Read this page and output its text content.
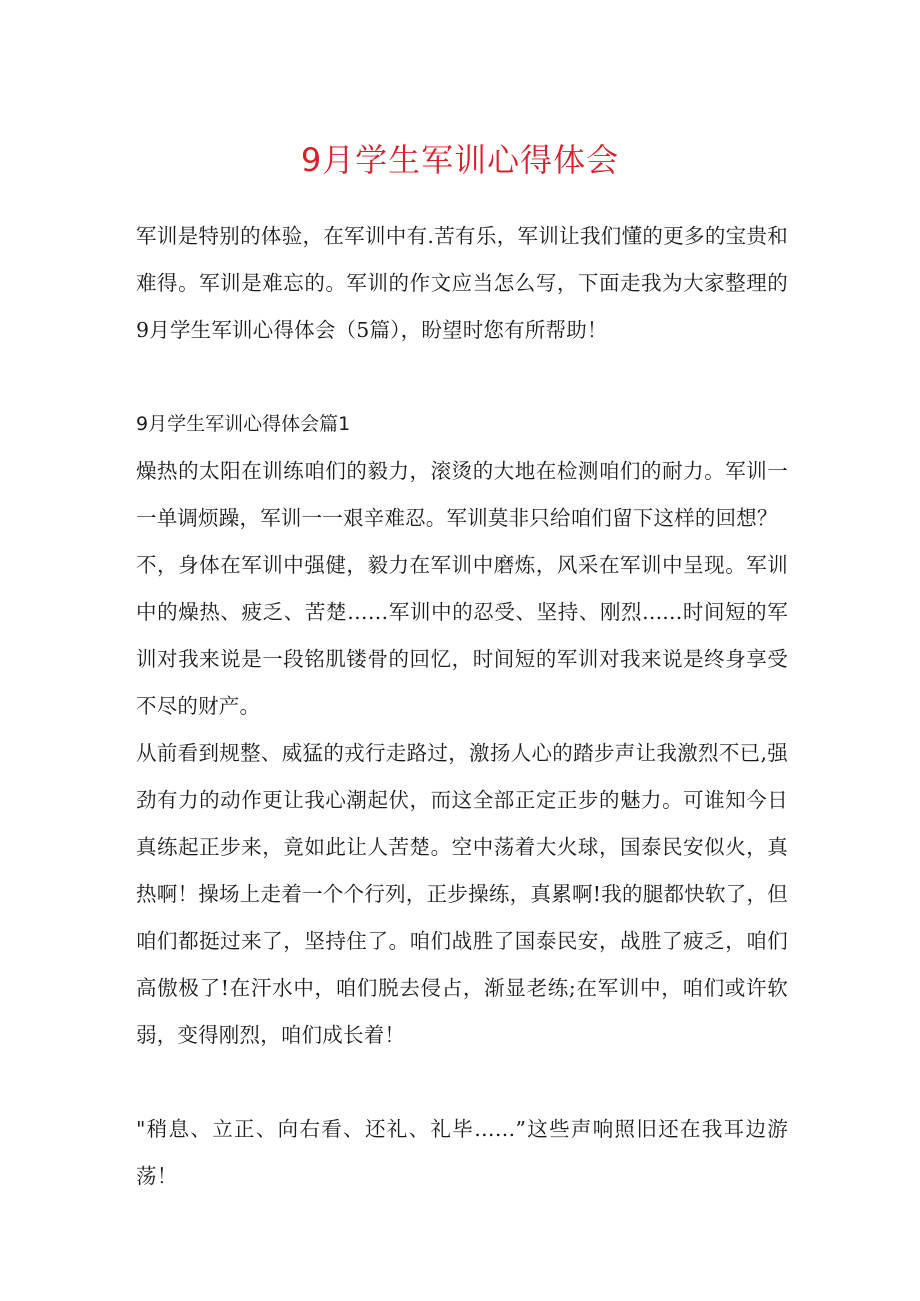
9月学生军训心得体会

军训是特别的体验，在军训中有.苦有乐，军训让我们懂的更多的宝贵和难得。军训是难忘的。军训的作文应当怎么写，下面走我为大家整理的9月学生军训心得体会（5篇），盼望时您有所帮助！

9月学生军训心得体会篇1

燥热的太阳在训练咱们的毅力，滚烫的大地在检测咱们的耐力。军训一一单调烦躁，军训一一艰辛难忍。军训莫非只给咱们留下这样的回想？

不，身体在军训中强健，毅力在军训中磨炼，风采在军训中呈现。军训中的燥热、疲乏、苦楚……军训中的忍受、坚持、刚烈......时间短的军训对我来说是一段铭肌镂骨的回忆，时间短的军训对我来说是终身享受不尽的财产。

从前看到规整、威猛的戎行走路过，激扬人心的踏步声让我激烈不已,强劲有力的动作更让我心潮起伏，而这全部正定正步的魅力。可谁知今日真练起正步来，竟如此让人苦楚。空中荡着大火球，国泰民安似火，真热啊！操场上走着一个个行列，正步操练，真累啊!我的腿都快软了，但咱们都挺过来了，坚持住了。咱们战胜了国泰民安，战胜了疲乏，咱们高傲极了!在汗水中，咱们脱去侵占，渐显老练;在军训中，咱们或许软弱，变得刚烈，咱们成长着！

"稍息、立正、向右看、还礼、礼毕……”这些声响照旧还在我耳边游荡！
